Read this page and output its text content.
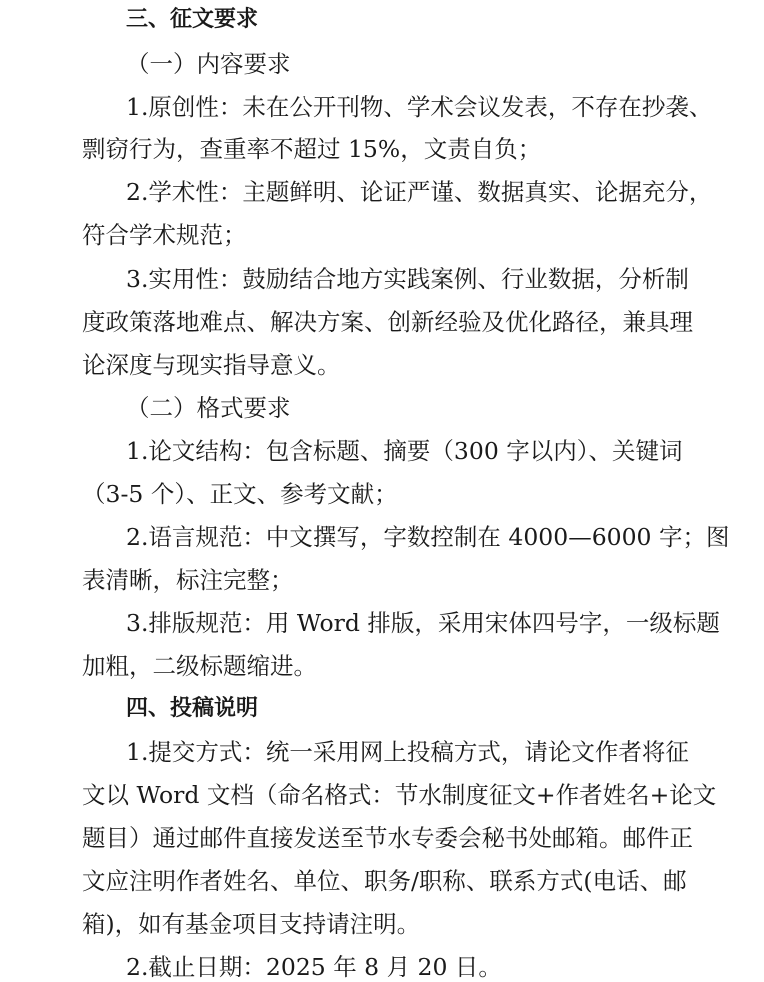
三、征文要求
（一）内容要求
1.原创性：未在公开刊物、学术会议发表，不存在抄袭、
剽窃行为，查重率不超过 15%，文责自负；
2.学术性：主题鲜明、论证严谨、数据真实、论据充分，
符合学术规范；
3.实用性：鼓励结合地方实践案例、行业数据，分析制
度政策落地难点、解决方案、创新经验及优化路径，兼具理
论深度与现实指导意义。
（二）格式要求
1.论文结构：包含标题、摘要（300 字以内）、关键词
（3-5 个）、正文、参考文献；
2.语言规范：中文撰写，字数控制在 4000—6000 字；图
表清晰，标注完整；
3.排版规范：用 Word 排版，采用宋体四号字，一级标题
加粗，二级标题缩进。
四、投稿说明
1.提交方式：统一采用网上投稿方式，请论文作者将征
文以 Word 文档（命名格式：节水制度征文+作者姓名+论文
题目）通过邮件直接发送至节水专委会秘书处邮箱。邮件正
文应注明作者姓名、单位、职务/职称、联系方式(电话、邮
箱)，如有基金项目支持请注明。
2.截止日期：2025 年 8 月 20 日。
